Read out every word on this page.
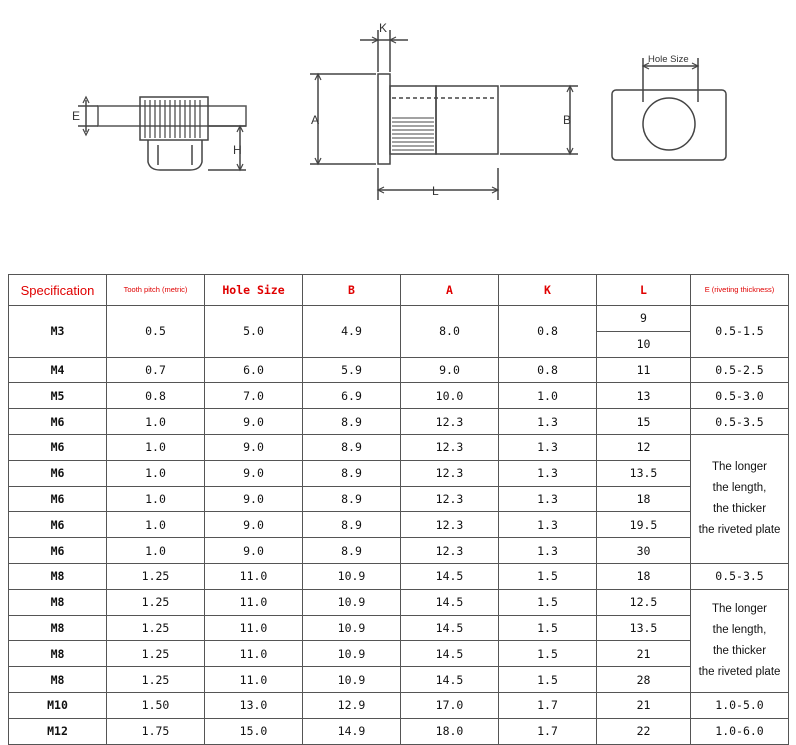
E
H
K
A	B
L
Hole Size
Specification	Tooth pitch (metric)	Hole Size	B	A	K	L	E (riveting thickness)
M3	0.5	5.0	4.9	8.0	0.8	9	0.5-1.5
						10	
M4	0.7	6.0	5.9	9.0	0.8	11	0.5-2.5
M5	0.8	7.0	6.9	10.0	1.0	13	0.5-3.0
M6	1.0	9.0	8.9	12.3	1.3	15	0.5-3.5
M6	1.0	9.0	8.9	12.3	1.3	12	The longer
the length,
the thicker
the riveted plate

M6	1.0	9.0	8.9	12.3	1.3	13.5	
M6	1.0	9.0	8.9	12.3	1.3	18	
M6	1.0	9.0	8.9	12.3	1.3	19.5	
M6	1.0	9.0	8.9	12.3	1.3	30	
M8	1.25	11.0	10.9	14.5	1.5	18	0.5-3.5
M8	1.25	11.0	10.9	14.5	1.5	12.5	The longer
the length,
the thicker
the riveted plate

M8	1.25	11.0	10.9	14.5	1.5	13.5	
M8	1.25	11.0	10.9	14.5	1.5	21	
M8	1.25	11.0	10.9	14.5	1.5	28	
M10	1.50	13.0	12.9	17.0	1.7	21	1.0-5.0
M12	1.75	15.0	14.9	18.0	1.7	22	1.0-6.0
